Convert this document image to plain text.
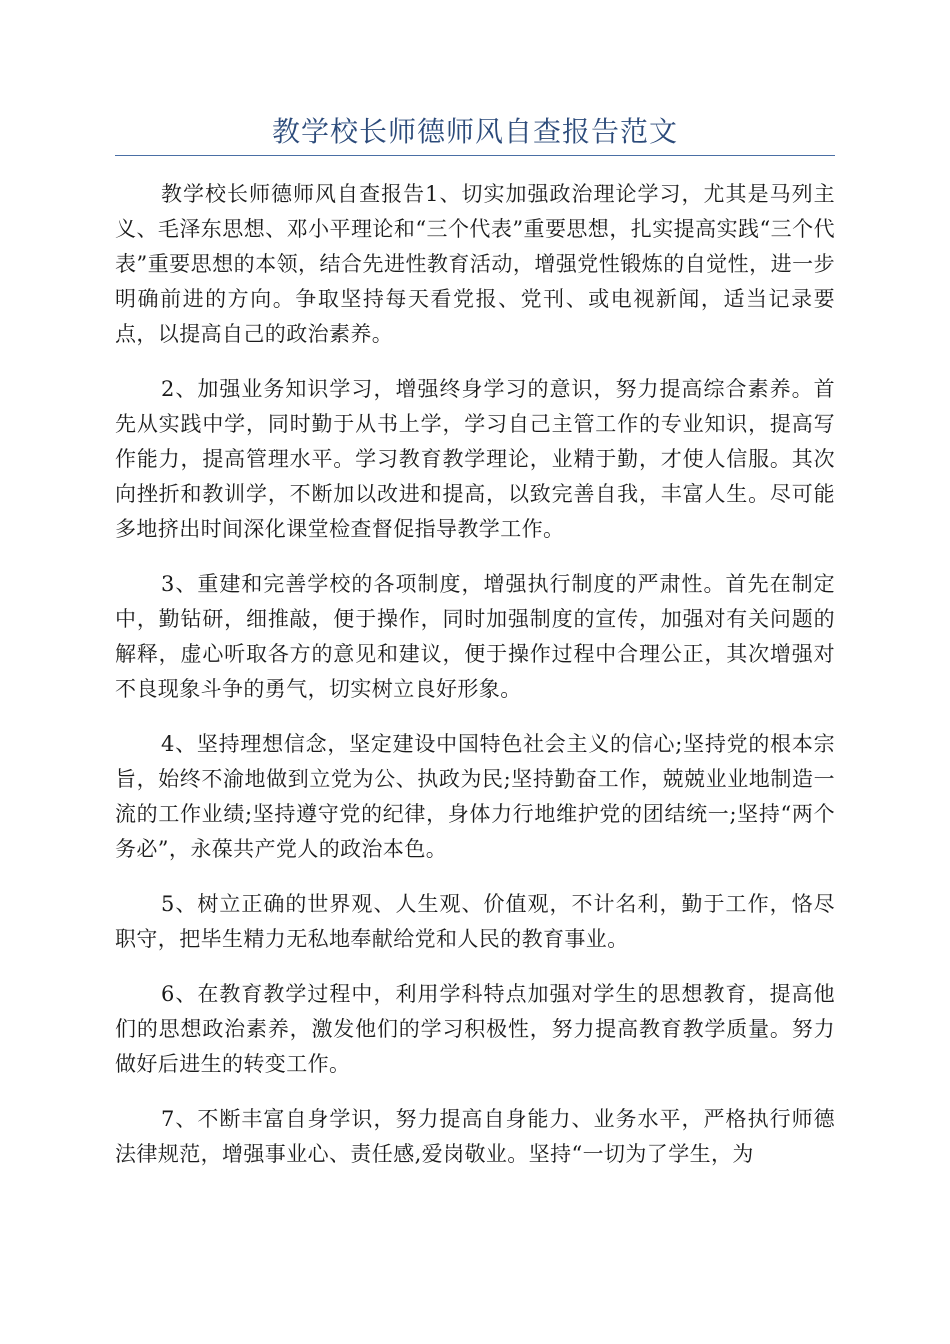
教学校长师德师风自查报告范文

教学校长师德师风自查报告1、切实加强政治理论学习，尤其是马列主义、毛泽东思想、邓小平理论和“三个代表”重要思想，扎实提高实践“三个代表”重要思想的本领，结合先进性教育活动，增强党性锻炼的自觉性，进一步明确前进的方向。争取坚持每天看党报、党刊、或电视新闻，适当记录要点，以提高自己的政治素养。

2、加强业务知识学习，增强终身学习的意识，努力提高综合素养。首先从实践中学，同时勤于从书上学，学习自己主管工作的专业知识，提高写作能力，提高管理水平。学习教育教学理论，业精于勤，才使人信服。其次向挫折和教训学，不断加以改进和提高，以致完善自我，丰富人生。尽可能多地挤出时间深化课堂检查督促指导教学工作。

3、重建和完善学校的各项制度，增强执行制度的严肃性。首先在制定中，勤钻研，细推敲，便于操作，同时加强制度的宣传，加强对有关问题的解释，虚心听取各方的意见和建议，便于操作过程中合理公正，其次增强对不良现象斗争的勇气，切实树立良好形象。

4、坚持理想信念，坚定建设中国特色社会主义的信心;坚持党的根本宗旨，始终不渝地做到立党为公、执政为民;坚持勤奋工作，兢兢业业地制造一流的工作业绩;坚持遵守党的纪律，身体力行地维护党的团结统一;坚持“两个务必”，永葆共产党人的政治本色。

5、树立正确的世界观、人生观、价值观，不计名利，勤于工作，恪尽职守，把毕生精力无私地奉献给党和人民的教育事业。

6、在教育教学过程中，利用学科特点加强对学生的思想教育，提高他们的思想政治素养，激发他们的学习积极性，努力提高教育教学质量。努力做好后进生的转变工作。

7、不断丰富自身学识，努力提高自身能力、业务水平，严格执行师德法律规范，增强事业心、责任感,爱岗敬业。坚持“一切为了学生，为
